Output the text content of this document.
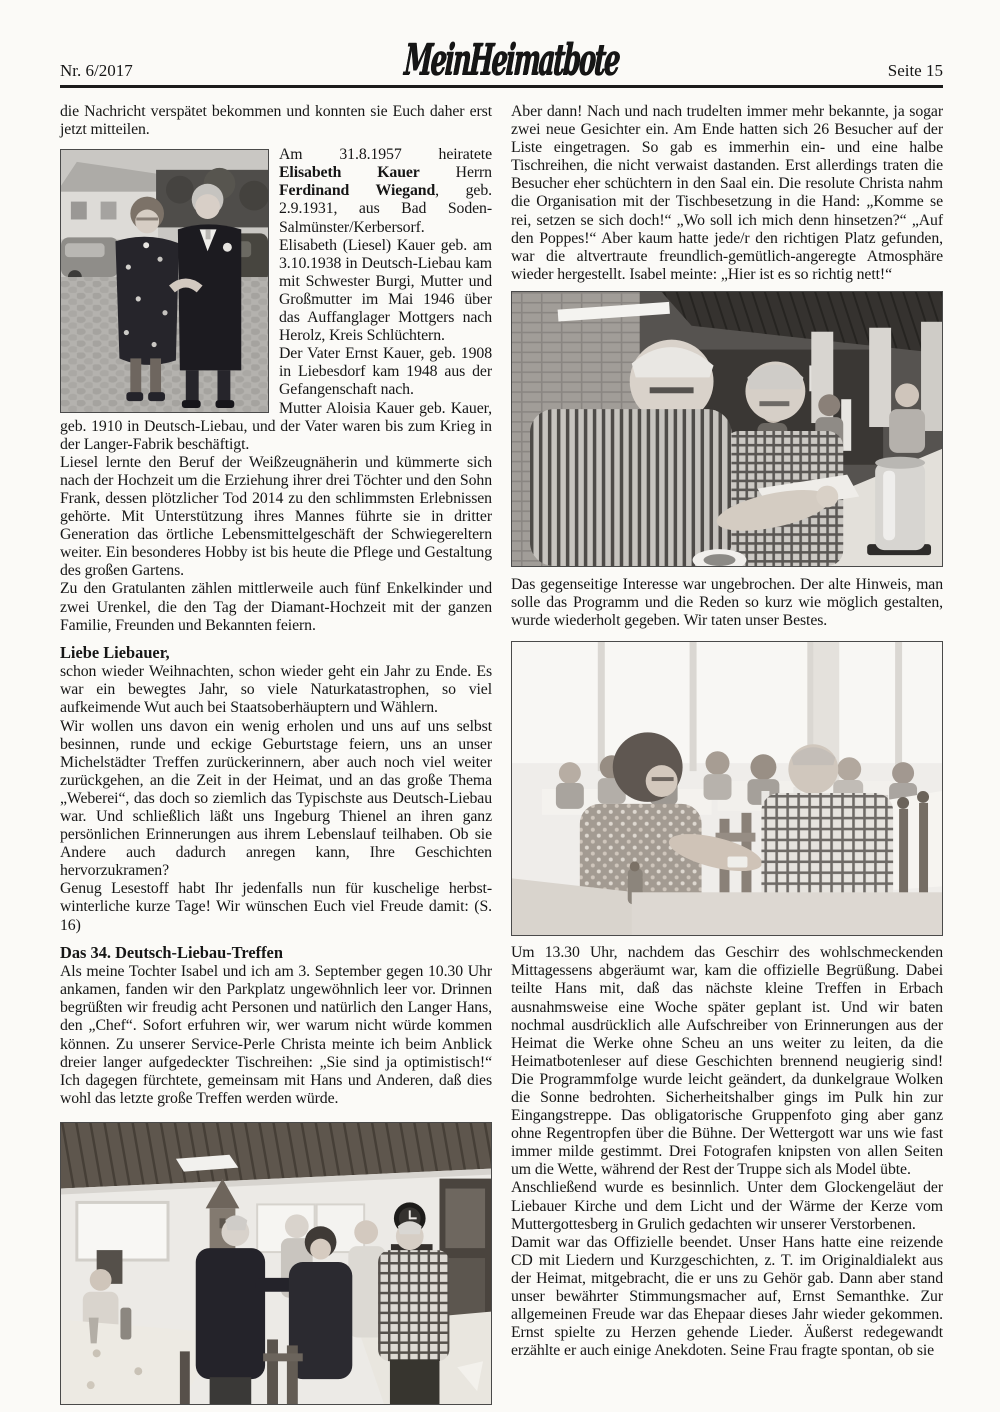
Nr. 6/2017	MeinHeimatbote	Seite 15

die Nachricht verspätet bekommen und konnten sie Euch daher erst jetzt mitteilen.

Am 31.8.1957 heiratete Elisabeth Kauer Herrn Ferdinand Wiegand, geb. 2.9.1931, aus Bad Soden-Salmünster/Kerbersorf.

Elisabeth (Liesel) Kauer geb. am 3.10.1938 in Deutsch-Liebau kam mit Schwester Burgi, Mutter und Großmutter im Mai 1946 über das Auffanglager Mottgers nach Herolz, Kreis Schlüchtern.

Der Vater Ernst Kauer, geb. 1908 in Liebesdorf kam 1948 aus der Gefangenschaft nach.

Mutter Aloisia Kauer geb. Kauer, geb. 1910 in Deutsch-Liebau, und der Vater waren bis zum Krieg in der Langer-Fabrik beschäftigt.

Liesel lernte den Beruf der Weißzeugnäherin und kümmerte sich nach der Hochzeit um die Erziehung ihrer drei Töchter und den Sohn Frank, dessen plötzlicher Tod 2014 zu den schlimmsten Erlebnissen gehörte. Mit Unterstützung ihres Mannes führte sie in dritter Generation das örtliche Lebensmittelgeschäft der Schwiegereltern weiter. Ein besonderes Hobby ist bis heute die Pflege und Gestaltung des großen Gartens.

Zu den Gratulanten zählen mittlerweile auch fünf Enkelkinder und zwei Urenkel, die den Tag der Diamant-Hochzeit mit der ganzen Familie, Freunden und Bekannten feiern.

Liebe Liebauer,

schon wieder Weihnachten, schon wieder geht ein Jahr zu Ende. Es war ein bewegtes Jahr, so viele Naturkatastrophen, so viel aufkeimende Wut auch bei Staatsoberhäuptern und Wählern.

Wir wollen uns davon ein wenig erholen und uns auf uns selbst besinnen, runde und eckige Geburtstage feiern, uns an unser Michelstädter Treffen zurückerinnern, aber auch noch viel weiter zurückgehen, an die Zeit in der Heimat, und an das große Thema „Weberei“, das doch so ziemlich das Typischste aus Deutsch-Liebau war. Und schließlich läßt uns Ingeburg Thienel an ihren ganz persönlichen Erinnerungen aus ihrem Lebenslauf teilhaben. Ob sie Andere auch dadurch anregen kann, Ihre Geschichten hervorzukramen?

Genug Lesestoff habt Ihr jedenfalls nun für kuschelige herbst-winterliche kurze Tage! Wir wünschen Euch viel Freude damit: (S. 16)

Das 34. Deutsch-Liebau-Treffen

Als meine Tochter Isabel und ich am 3. September gegen 10.30 Uhr ankamen, fanden wir den Parkplatz ungewöhnlich leer vor. Drinnen begrüßten wir freudig acht Personen und natürlich den Langer Hans, den „Chef“. Sofort erfuhren wir, wer warum nicht würde kommen können. Zu unserer Service-Perle Christa meinte ich beim Anblick dreier langer aufgedeckter Tischreihen: „Sie sind ja optimistisch!“ Ich dagegen fürchtete, gemeinsam mit Hans und Anderen, daß dies wohl das letzte große Treffen werden würde.

Aber dann! Nach und nach trudelten immer mehr bekannte, ja sogar zwei neue Gesichter ein. Am Ende hatten sich 26 Besucher auf der Liste eingetragen. So gab es immerhin ein- und eine halbe Tischreihen, die nicht verwaist dastanden. Erst allerdings traten die Besucher eher schüchtern in den Saal ein. Die resolute Christa nahm die Organisation mit der Tischbesetzung in die Hand: „Komme se rei, setzen se sich doch!“ „Wo soll ich mich denn hinsetzen?“ „Auf den Poppes!“ Aber kaum hatte jede/r den richtigen Platz gefunden, war die altvertraute freundlich-gemütlich-angeregte Atmosphäre wieder hergestellt. Isabel meinte: „Hier ist es so richtig nett!“

Das gegenseitige Interesse war ungebrochen. Der alte Hinweis, man solle das Programm und die Reden so kurz wie möglich gestalten, wurde wiederholt gegeben. Wir taten unser Bestes.

Um 13.30 Uhr, nachdem das Geschirr des wohlschmeckenden Mittagessens abgeräumt war, kam die offizielle Begrüßung. Dabei teilte Hans mit, daß das nächste kleine Treffen in Erbach ausnahmsweise eine Woche später geplant ist. Und wir baten nochmal ausdrücklich alle Aufschreiber von Erinnerungen aus der Heimat die Werke ohne Scheu an uns weiter zu leiten, da die Heimatbotenleser auf diese Geschichten brennend neugierig sind! Die Programmfolge wurde leicht geändert, da dunkelgraue Wolken die Sonne bedrohten. Sicherheitshalber gings im Pulk hin zur Eingangstreppe. Das obligatorische Gruppenfoto ging aber ganz ohne Regentropfen über die Bühne. Der Wettergott war uns wie fast immer milde gestimmt. Drei Fotografen knipsten von allen Seiten um die Wette, während der Rest der Truppe sich als Model übte.

Anschließend wurde es besinnlich. Unter dem Glockengeläut der Liebauer Kirche und dem Licht und der Wärme der Kerze vom Muttergottesberg in Grulich gedachten wir unserer Verstorbenen.

Damit war das Offizielle beendet. Unser Hans hatte eine reizende CD mit Liedern und Kurzgeschichten, z. T. im Originaldialekt aus der Heimat, mitgebracht, die er uns zu Gehör gab. Dann aber stand unser bewährter Stimmungsmacher auf, Ernst Semanthke. Zur allgemeinen Freude war das Ehepaar dieses Jahr wieder gekommen. Ernst spielte zu Herzen gehende Lieder. Äußerst redegewandt erzählte er auch einige Anekdoten. Seine Frau fragte spontan, ob sie
